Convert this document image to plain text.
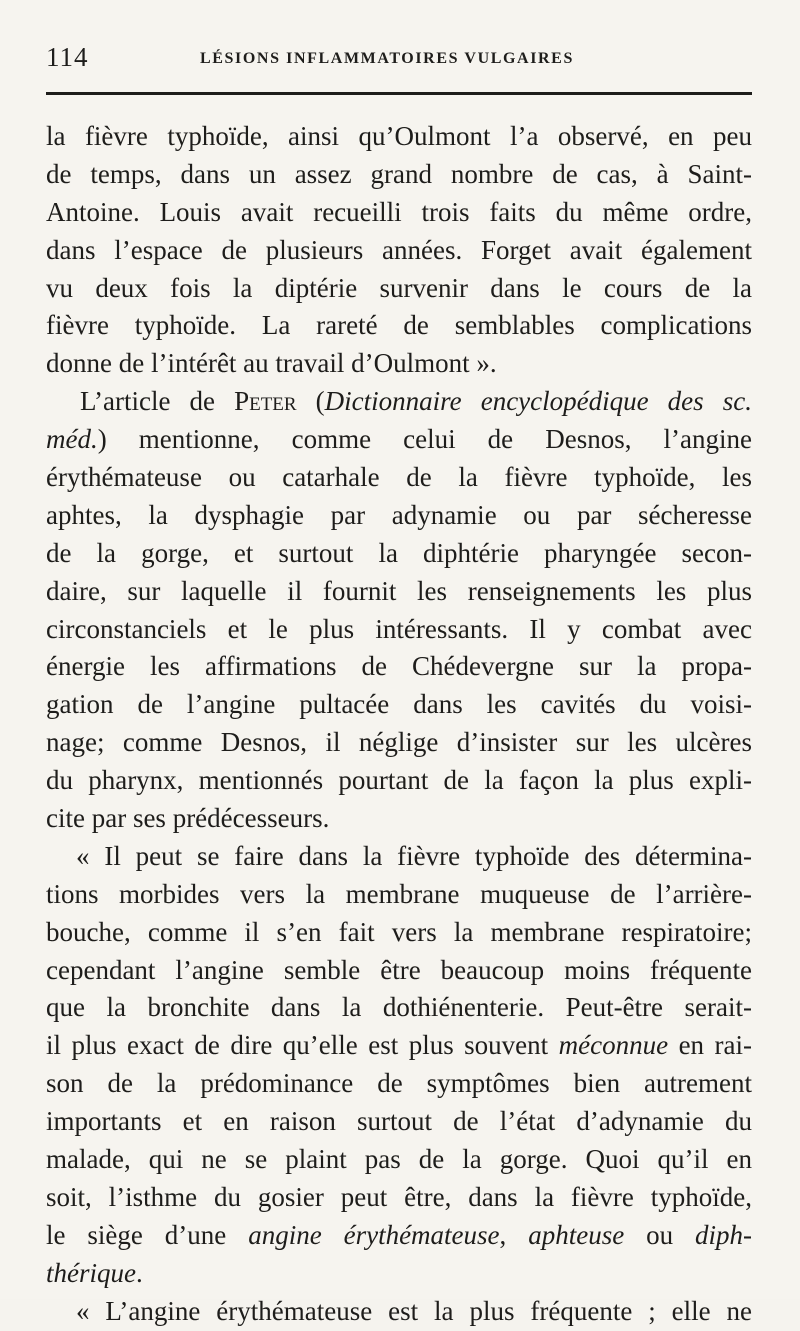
114	LÉSIONS INFLAMMATOIRES VULGAIRES
la fièvre typhoïde, ainsi qu’Oulmont l’a observé, en peu
de temps, dans un assez grand nombre de cas, à Saint-
Antoine. Louis avait recueilli trois faits du même ordre,
dans l’espace de plusieurs années. Forget avait également
vu deux fois la diptérie survenir dans le cours de la
fièvre typhoïde. La rareté de semblables complications
donne de l’intérêt au travail d’Oulmont ».
L’article de Peter (Dictionnaire encyclopédique des sc.
méd.) mentionne, comme celui de Desnos, l’angine
érythémateuse ou catarhale de la fièvre typhoïde, les
aphtes, la dysphagie par adynamie ou par sécheresse
de la gorge, et surtout la diphtérie pharyngée secon-
daire, sur laquelle il fournit les renseignements les plus
circonstanciels et le plus intéressants. Il y combat avec
énergie les affirmations de Chédevergne sur la propa-
gation de l’angine pultacée dans les cavités du voisi-
nage; comme Desnos, il néglige d’insister sur les ulcères
du pharynx, mentionnés pourtant de la façon la plus expli-
cite par ses prédécesseurs.
« Il peut se faire dans la fièvre typhoïde des détermina-
tions morbides vers la membrane muqueuse de l’arrière-
bouche, comme il s’en fait vers la membrane respiratoire;
cependant l’angine semble être beaucoup moins fréquente
que la bronchite dans la dothiénenterie. Peut-être serait-
il plus exact de dire qu’elle est plus souvent méconnue en rai-
son de la prédominance de symptômes bien autrement
importants et en raison surtout de l’état d’adynamie du
malade, qui ne se plaint pas de la gorge. Quoi qu’il en
soit, l’isthme du gosier peut être, dans la fièvre typhoïde,
le siège d’une angine érythémateuse, aphteuse ou diph-
thérique.
« L’angine érythémateuse est la plus fréquente ; elle ne
